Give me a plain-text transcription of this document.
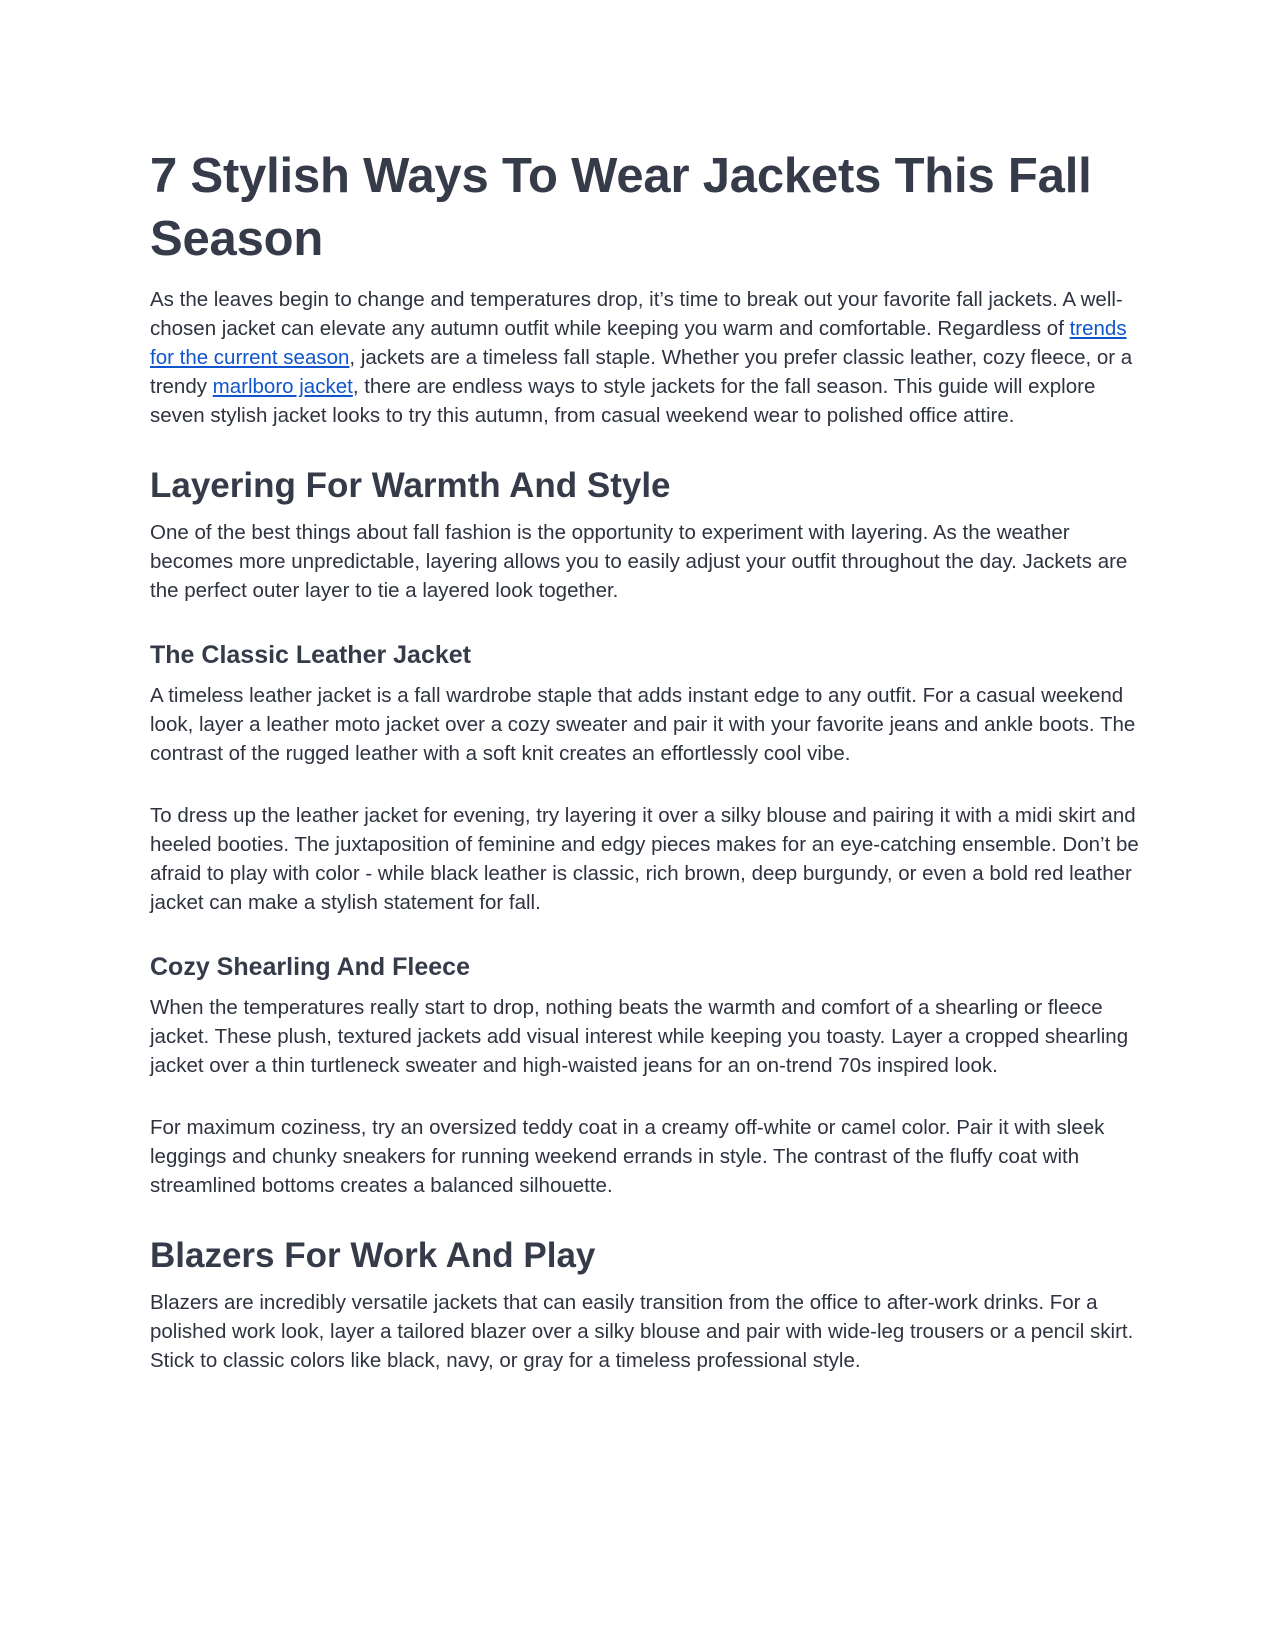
7 Stylish Ways To Wear Jackets This Fall Season

As the leaves begin to change and temperatures drop, it’s time to break out your favorite fall jackets. A well-chosen jacket can elevate any autumn outfit while keeping you warm and comfortable. Regardless of trends for the current season, jackets are a timeless fall staple. Whether you prefer classic leather, cozy fleece, or a trendy marlboro jacket, there are endless ways to style jackets for the fall season. This guide will explore seven stylish jacket looks to try this autumn, from casual weekend wear to polished office attire.

Layering For Warmth And Style

One of the best things about fall fashion is the opportunity to experiment with layering. As the weather becomes more unpredictable, layering allows you to easily adjust your outfit throughout the day. Jackets are the perfect outer layer to tie a layered look together.

The Classic Leather Jacket

A timeless leather jacket is a fall wardrobe staple that adds instant edge to any outfit. For a casual weekend look, layer a leather moto jacket over a cozy sweater and pair it with your favorite jeans and ankle boots. The contrast of the rugged leather with a soft knit creates an effortlessly cool vibe.

To dress up the leather jacket for evening, try layering it over a silky blouse and pairing it with a midi skirt and heeled booties. The juxtaposition of feminine and edgy pieces makes for an eye-catching ensemble. Don’t be afraid to play with color - while black leather is classic, rich brown, deep burgundy, or even a bold red leather jacket can make a stylish statement for fall.

Cozy Shearling And Fleece

When the temperatures really start to drop, nothing beats the warmth and comfort of a shearling or fleece jacket. These plush, textured jackets add visual interest while keeping you toasty. Layer a cropped shearling jacket over a thin turtleneck sweater and high-waisted jeans for an on-trend 70s inspired look.

For maximum coziness, try an oversized teddy coat in a creamy off-white or camel color. Pair it with sleek leggings and chunky sneakers for running weekend errands in style. The contrast of the fluffy coat with streamlined bottoms creates a balanced silhouette.

Blazers For Work And Play

Blazers are incredibly versatile jackets that can easily transition from the office to after-work drinks. For a polished work look, layer a tailored blazer over a silky blouse and pair with wide-leg trousers or a pencil skirt. Stick to classic colors like black, navy, or gray for a timeless professional style.
